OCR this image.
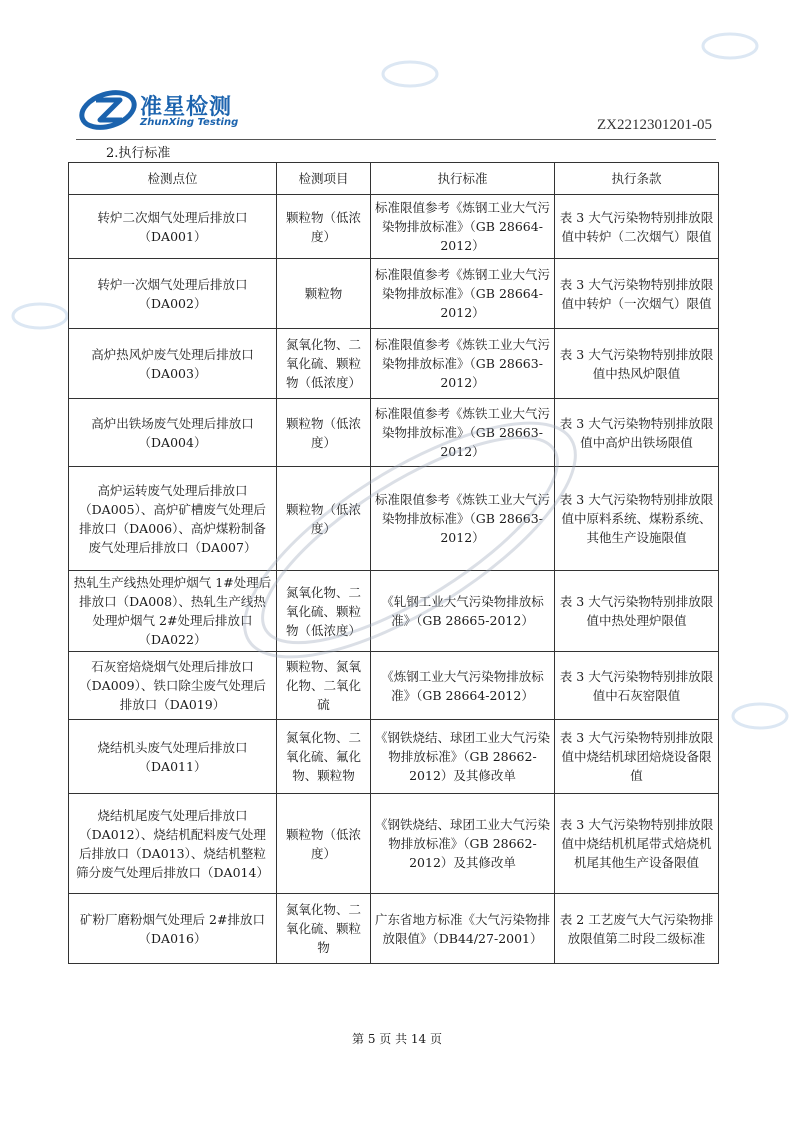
准星检测
ZhunXing Testing	ZX2212301201-05
2.执行标准
检测点位	检测项目	执行标准	执行条款
转炉二次烟气处理后排放口（DA001）	颗粒物（低浓度）	标准限值参考《炼钢工业大气污染物排放标准》（GB 28664-2012）	表 3 大气污染物特别排放限值中转炉（二次烟气）限值
转炉一次烟气处理后排放口（DA002）	颗粒物	标准限值参考《炼钢工业大气污染物排放标准》（GB 28664-2012）	表 3 大气污染物特别排放限值中转炉（一次烟气）限值
高炉热风炉废气处理后排放口（DA003）	氮氧化物、二氧化硫、颗粒物（低浓度）	标准限值参考《炼铁工业大气污染物排放标准》（GB 28663-2012）	表 3 大气污染物特别排放限值中热风炉限值
高炉出铁场废气处理后排放口（DA004）	颗粒物（低浓度）	标准限值参考《炼铁工业大气污染物排放标准》（GB 28663-2012）	表 3 大气污染物特别排放限值中高炉出铁场限值
高炉运转废气处理后排放口（DA005）、高炉矿槽废气处理后排放口（DA006）、高炉煤粉制备废气处理后排放口（DA007）	颗粒物（低浓度）	标准限值参考《炼铁工业大气污染物排放标准》（GB 28663-2012）	表 3 大气污染物特别排放限值中原料系统、煤粉系统、其他生产设施限值
热轧生产线热处理炉烟气 1#处理后排放口（DA008）、热轧生产线热处理炉烟气 2#处理后排放口（DA022）	氮氧化物、二氧化硫、颗粒物（低浓度）	《轧钢工业大气污染物排放标准》（GB 28665-2012）	表 3 大气污染物特别排放限值中热处理炉限值
石灰窑焙烧烟气处理后排放口（DA009）、铁口除尘废气处理后排放口（DA019）	颗粒物、氮氧化物、二氧化硫	《炼钢工业大气污染物排放标准》（GB 28664-2012）	表 3 大气污染物特别排放限值中石灰窑限值
烧结机头废气处理后排放口（DA011）	氮氧化物、二氧化硫、氟化物、颗粒物	《钢铁烧结、球团工业大气污染物排放标准》（GB 28662-2012）及其修改单	表 3 大气污染物特别排放限值中烧结机球团焙烧设备限值
烧结机尾废气处理后排放口（DA012）、烧结机配料废气处理后排放口（DA013）、烧结机整粒筛分废气处理后排放口（DA014）	颗粒物（低浓度）	《钢铁烧结、球团工业大气污染物排放标准》（GB 28662-2012）及其修改单	表 3 大气污染物特别排放限值中烧结机机尾带式焙烧机机尾其他生产设备限值
矿粉厂磨粉烟气处理后 2#排放口（DA016）	氮氧化物、二氧化硫、颗粒物	广东省地方标准《大气污染物排放限值》（DB44/27-2001）	表 2 工艺废气大气污染物排放限值第二时段二级标准
第 5 页 共 14 页
